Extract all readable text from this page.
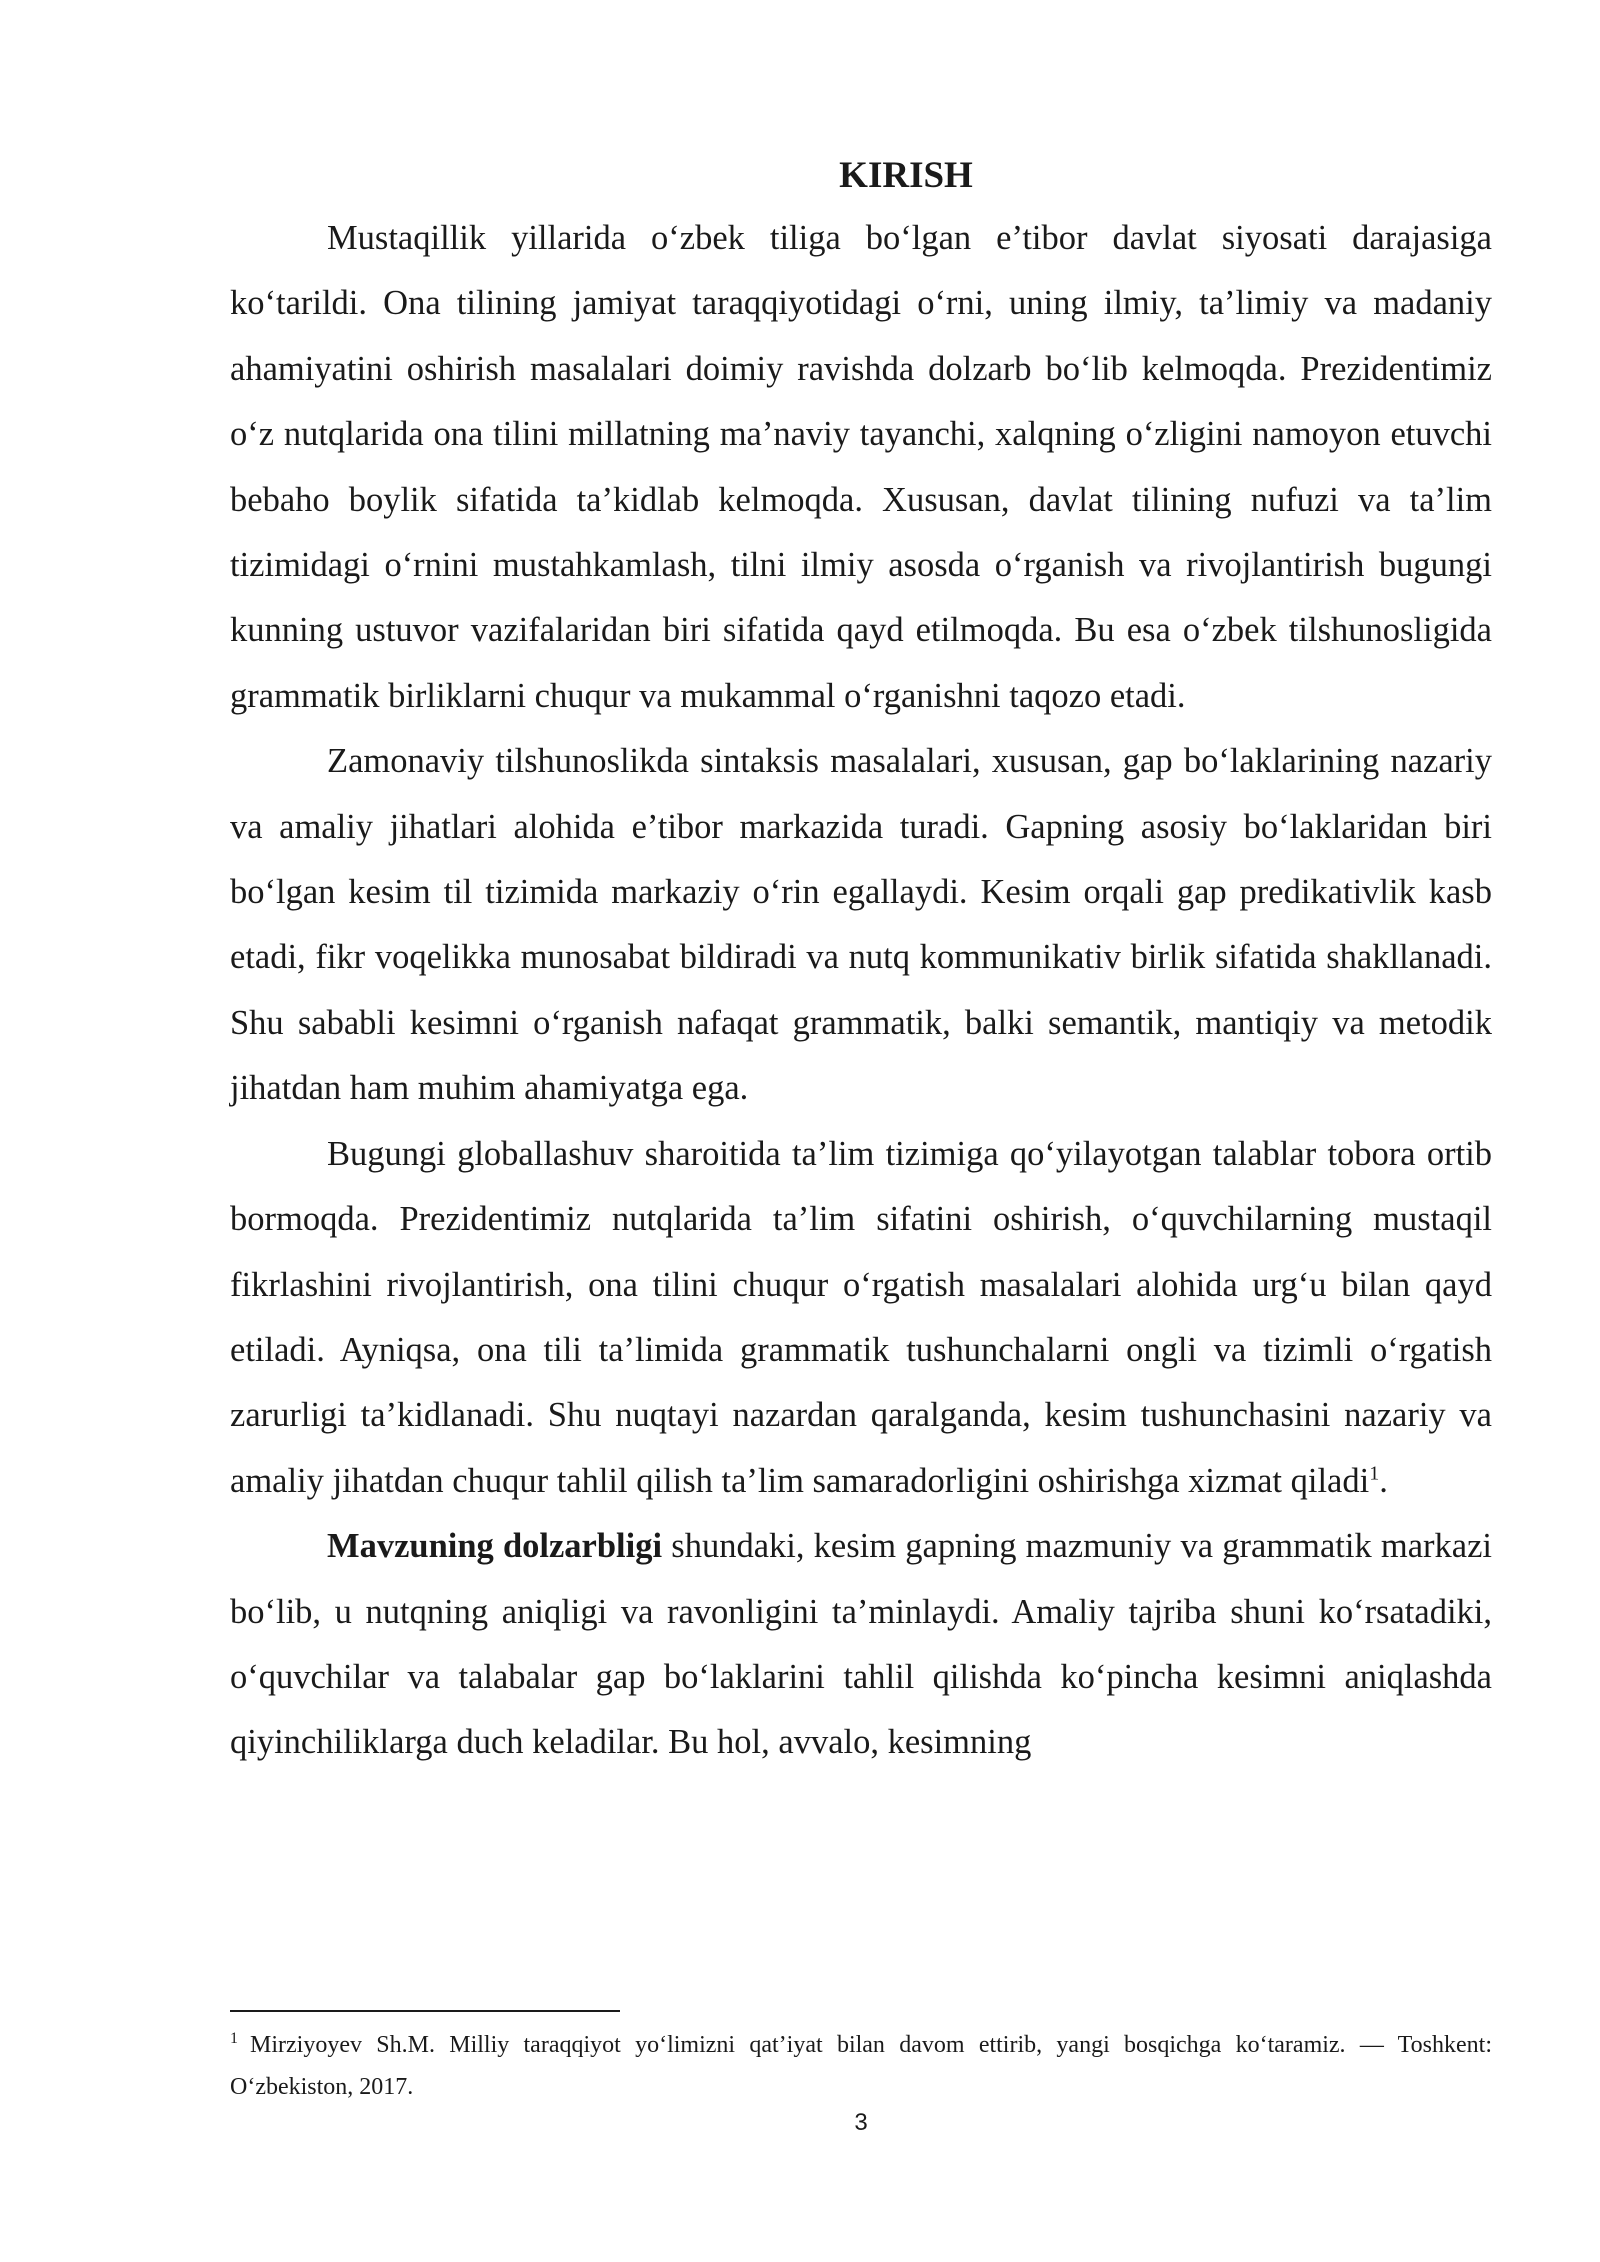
KIRISH

Mustaqillik yillarida o‘zbek tiliga bo‘lgan e’tibor davlat siyosati darajasiga ko‘tarildi. Ona tilining jamiyat taraqqiyotidagi o‘rni, uning ilmiy, ta’limiy va madaniy ahamiyatini oshirish masalalari doimiy ravishda dolzarb bo‘lib kelmoqda. Prezidentimiz o‘z nutqlarida ona tilini millatning ma’naviy tayanchi, xalqning o‘zligini namoyon etuvchi bebaho boylik sifatida ta’kidlab kelmoqda. Xususan, davlat tilining nufuzi va ta’lim tizimidagi o‘rnini mustahkamlash, tilni ilmiy asosda o‘rganish va rivojlantirish bugungi kunning ustuvor vazifalaridan biri sifatida qayd etilmoqda. Bu esa o‘zbek tilshunosligida grammatik birliklarni chuqur va mukammal o‘rganishni taqozo etadi.

Zamonaviy tilshunoslikda sintaksis masalalari, xususan, gap bo‘laklarining nazariy va amaliy jihatlari alohida e’tibor markazida turadi. Gapning asosiy bo‘laklaridan biri bo‘lgan kesim til tizimida markaziy o‘rin egallaydi. Kesim orqali gap predikativlik kasb etadi, fikr voqelikka munosabat bildiradi va nutq kommunikativ birlik sifatida shakllanadi. Shu sababli kesimni o‘rganish nafaqat grammatik, balki semantik, mantiqiy va metodik jihatdan ham muhim ahamiyatga ega.

Bugungi globallashuv sharoitida ta’lim tizimiga qo‘yilayotgan talablar tobora ortib bormoqda. Prezidentimiz nutqlarida ta’lim sifatini oshirish, o‘quvchilarning mustaqil fikrlashini rivojlantirish, ona tilini chuqur o‘rgatish masalalari alohida urg‘u bilan qayd etiladi. Ayniqsa, ona tili ta’limida grammatik tushunchalarni ongli va tizimli o‘rgatish zarurligi ta’kidlanadi. Shu nuqtayi nazardan qaralganda, kesim tushunchasini nazariy va amaliy jihatdan chuqur tahlil qilish ta’lim samaradorligini oshirishga xizmat qiladi$^1$.

Mavzuning dolzarbligi shundaki, kesim gapning mazmuniy va grammatik markazi bo‘lib, u nutqning aniqligi va ravonligini ta’minlaydi. Amaliy tajriba shuni ko‘rsatadiki, o‘quvchilar va talabalar gap bo‘laklarini tahlil qilishda ko‘pincha kesimni aniqlashda qiyinchiliklarga duch keladilar. Bu hol, avvalo, kesimning

$^1$ Mirziyoyev Sh.M. Milliy taraqqiyot yo‘limizni qat’iyat bilan davom ettirib, yangi bosqichga ko‘taramiz. — Toshkent: O‘zbekiston, 2017.
3
